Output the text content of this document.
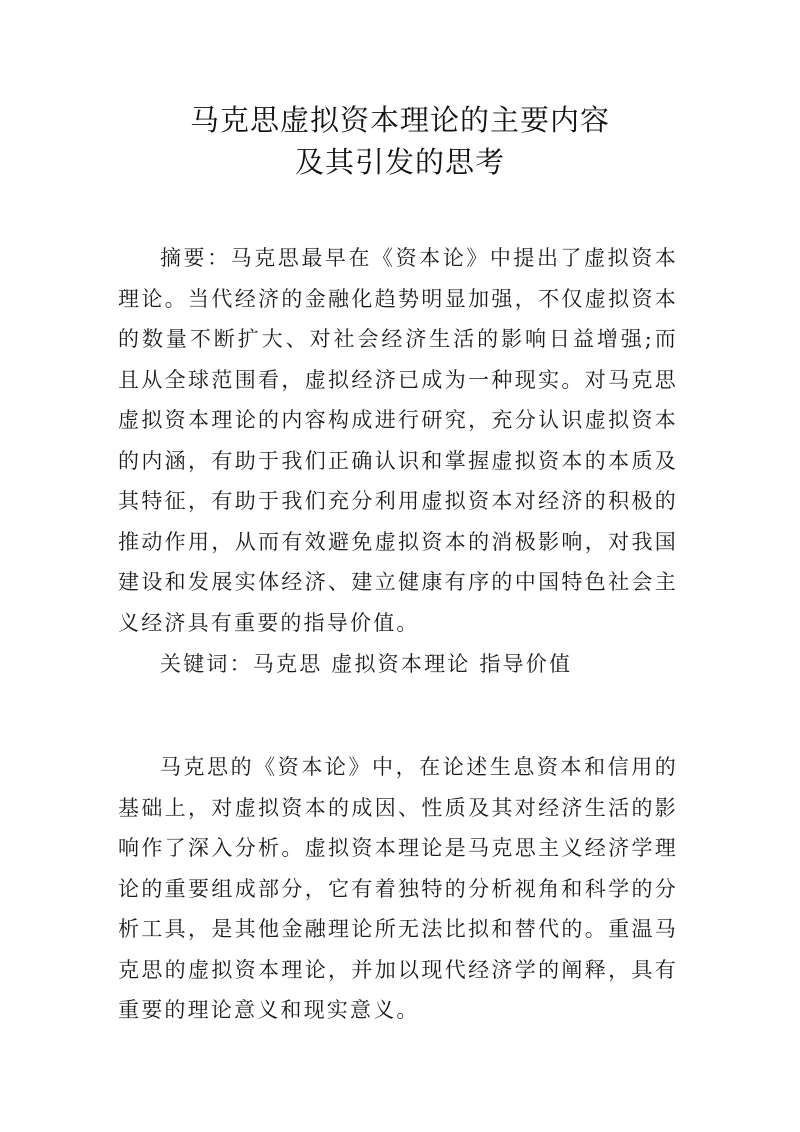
马克思虚拟资本理论的主要内容
及其引发的思考

摘要：马克思最早在《资本论》中提出了虚拟资本理论。当代经济的金融化趋势明显加强，不仅虚拟资本的数量不断扩大、对社会经济生活的影响日益增强;而且从全球范围看，虚拟经济已成为一种现实。对马克思虚拟资本理论的内容构成进行研究，充分认识虚拟资本的内涵，有助于我们正确认识和掌握虚拟资本的本质及其特征，有助于我们充分利用虚拟资本对经济的积极的推动作用，从而有效避免虚拟资本的消极影响，对我国建设和发展实体经济、建立健康有序的中国特色社会主义经济具有重要的指导价值。

关键词：马克思 虚拟资本理论 指导价值

马克思的《资本论》中，在论述生息资本和信用的基础上，对虚拟资本的成因、性质及其对经济生活的影响作了深入分析。虚拟资本理论是马克思主义经济学理论的重要组成部分，它有着独特的分析视角和科学的分析工具，是其他金融理论所无法比拟和替代的。重温马克思的虚拟资本理论，并加以现代经济学的阐释，具有重要的理论意义和现实意义。
